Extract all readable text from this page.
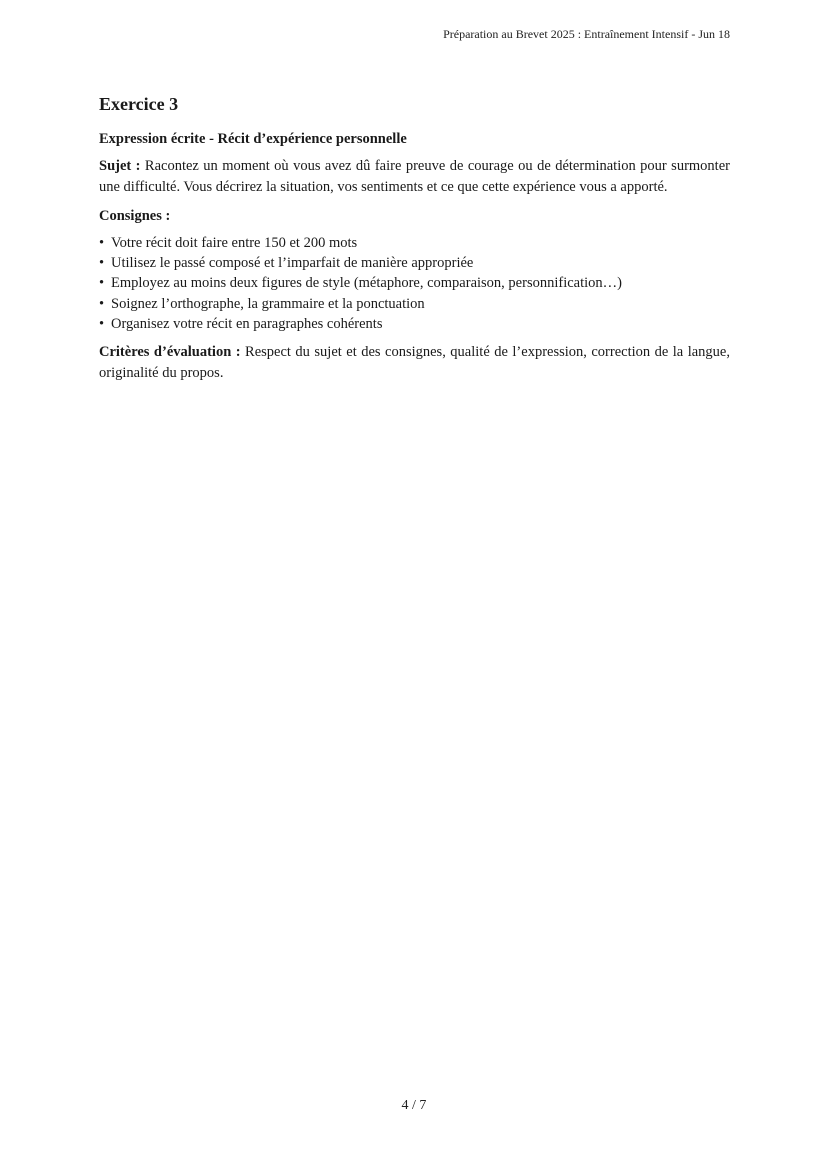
Préparation au Brevet 2025 : Entraînement Intensif - Jun 18
Exercice 3
Expression écrite - Récit d’expérience personnelle

Sujet : Racontez un moment où vous avez dû faire preuve de courage ou de détermination pour surmonter une difficulté. Vous décrirez la situation, vos sentiments et ce que cette expérience vous a apporté.

Consignes :
• Votre récit doit faire entre 150 et 200 mots
• Utilisez le passé composé et l’imparfait de manière appropriée
• Employez au moins deux figures de style (métaphore, comparaison, personnification…)
• Soignez l’orthographe, la grammaire et la ponctuation
• Organisez votre récit en paragraphes cohérents

Critères d’évaluation : Respect du sujet et des consignes, qualité de l’expression, correction de la langue, originalité du propos.

4 / 7
